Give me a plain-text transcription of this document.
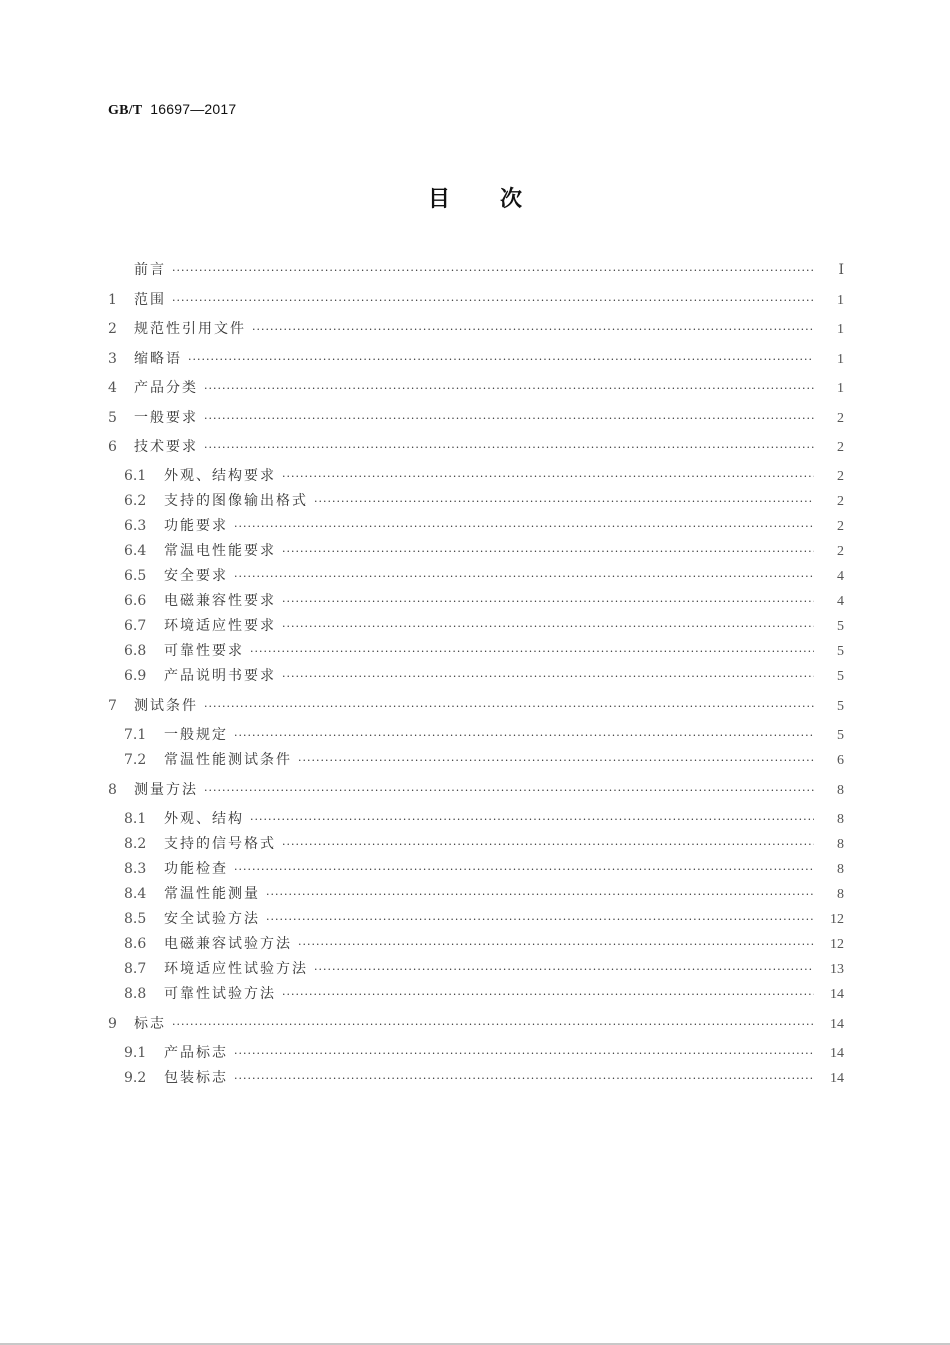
GB/T 16697—2017
目次
前言 ·····	Ⅰ
1	范围 ·····	1
2	规范性引用文件 ·····	1
3	缩略语 ·····	1
4	产品分类 ·····	1
5	一般要求 ·····	2
6	技术要求 ·····	2
6.1	外观、结构要求 ·····	2
6.2	支持的图像输出格式 ·····	2
6.3	功能要求 ·····	2
6.4	常温电性能要求 ·····	2
6.5	安全要求 ·····	4
6.6	电磁兼容性要求 ·····	4
6.7	环境适应性要求 ·····	5
6.8	可靠性要求 ·····	5
6.9	产品说明书要求 ·····	5
7	测试条件 ·····	5
7.1	一般规定 ·····	5
7.2	常温性能测试条件 ·····	6
8	测量方法 ·····	8
8.1	外观、结构 ·····	8
8.2	支持的信号格式 ·····	8
8.3	功能检查 ·····	8
8.4	常温性能测量 ·····	8
8.5	安全试验方法 ·····	12
8.6	电磁兼容试验方法 ·····	12
8.7	环境适应性试验方法 ·····	13
8.8	可靠性试验方法 ·····	14
9	标志 ·····	14
9.1	产品标志 ·····	14
9.2	包装标志 ·····	14
